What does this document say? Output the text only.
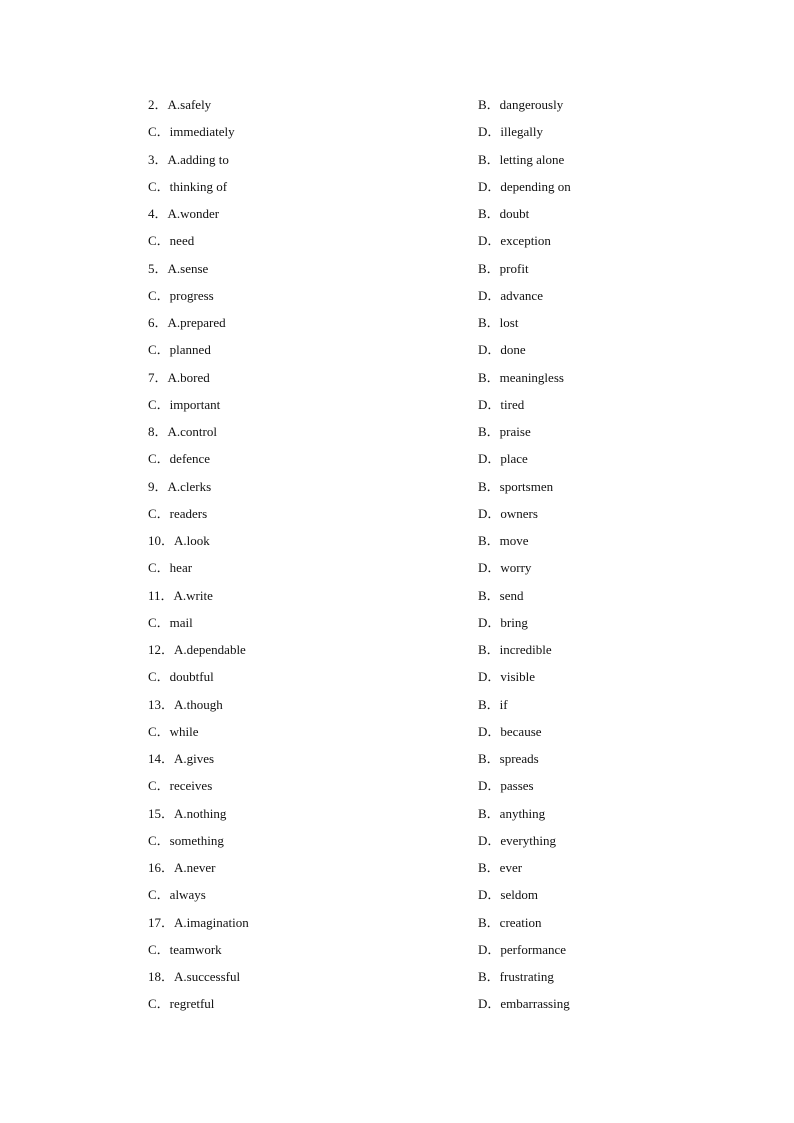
2．A.safely	B．dangerously
C．immediately	D．illegally
3．A.adding to	B．letting alone
C．thinking of	D．depending on
4．A.wonder	B．doubt
C．need	D．exception
5．A.sense	B．profit
C．progress	D．advance
6．A.prepared	B．lost
C．planned	D．done
7．A.bored	B．meaningless
C．important	D．tired
8．A.control	B．praise
C．defence	D．place
9．A.clerks	B．sportsmen
C．readers	D．owners
10．A.look	B．move
C．hear	D．worry
11．A.write	B．send
C．mail	D．bring
12．A.dependable	B．incredible
C．doubtful	D．visible
13．A.though	B．if
C．while	D．because
14．A.gives	B．spreads
C．receives	D．passes
15．A.nothing	B．anything
C．something	D．everything
16．A.never	B．ever
C．always	D．seldom
17．A.imagination	B．creation
C．teamwork	D．performance
18．A.successful	B．frustrating
C．regretful	D．embarrassing
